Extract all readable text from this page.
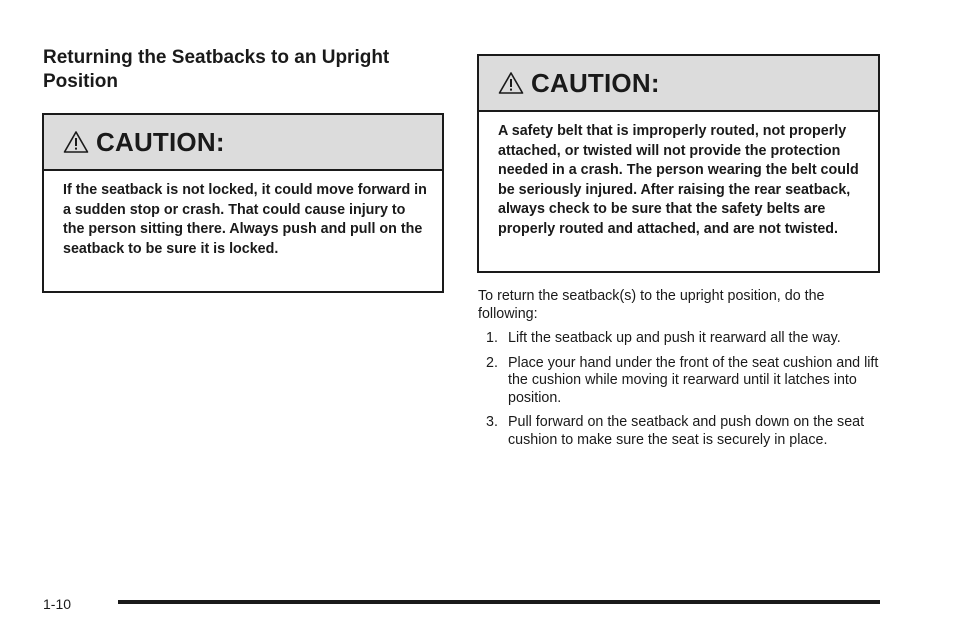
Returning the Seatbacks to an Upright Position
CAUTION:
If the seatback is not locked, it could move forward in a sudden stop or crash. That could cause injury to the person sitting there. Always push and pull on the seatback to be sure it is locked.
CAUTION:
A safety belt that is improperly routed, not properly attached, or twisted will not provide the protection needed in a crash. The person wearing the belt could be seriously injured. After raising the rear seatback, always check to be sure that the safety belts are properly routed and attached, and are not twisted.

To return the seatback(s) to the upright position, do the following:

1. Lift the seatback up and push it rearward all the way.
2. Place your hand under the front of the seat cushion and lift the cushion while moving it rearward until it latches into position.
3. Pull forward on the seatback and push down on the seat cushion to make sure the seat is securely in place.
1-10
